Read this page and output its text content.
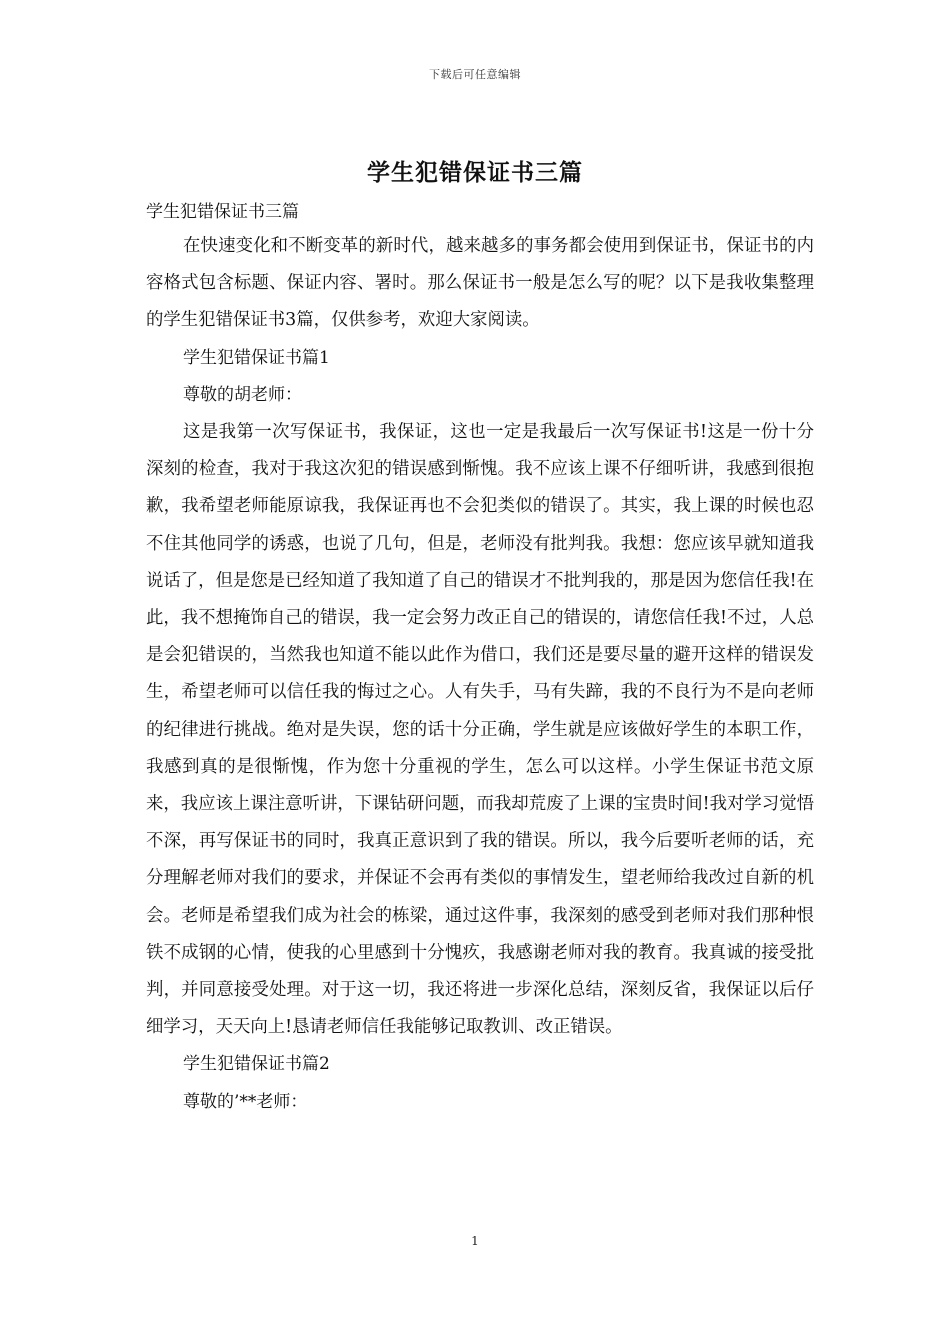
下载后可任意编辑
学生犯错保证书三篇

学生犯错保证书三篇

在快速变化和不断变革的新时代，越来越多的事务都会使用到保证书，保证书的内容格式包含标题、保证内容、署时。那么保证书一般是怎么写的呢？以下是我收集整理的学生犯错保证书3篇，仅供参考，欢迎大家阅读。

学生犯错保证书篇1

尊敬的胡老师：

这是我第一次写保证书，我保证，这也一定是我最后一次写保证书!这是一份十分深刻的检查，我对于我这次犯的错误感到惭愧。我不应该上课不仔细听讲，我感到很抱歉，我希望老师能原谅我，我保证再也不会犯类似的错误了。其实，我上课的时候也忍不住其他同学的诱惑，也说了几句，但是，老师没有批判我。我想：您应该早就知道我说话了，但是您是已经知道了我知道了自己的错误才不批判我的，那是因为您信任我!在此，我不想掩饰自己的错误，我一定会努力改正自己的错误的，请您信任我!不过，人总是会犯错误的，当然我也知道不能以此作为借口，我们还是要尽量的避开这样的错误发生，希望老师可以信任我的悔过之心。人有失手，马有失蹄，我的不良行为不是向老师的纪律进行挑战。绝对是失误，您的话十分正确，学生就是应该做好学生的本职工作，我感到真的是很惭愧，作为您十分重视的学生，怎么可以这样。小学生保证书范文原来，我应该上课注意听讲，下课钻研问题，而我却荒废了上课的宝贵时间!我对学习觉悟不深，再写保证书的同时，我真正意识到了我的错误。所以，我今后要听老师的话，充分理解老师对我们的要求，并保证不会再有类似的事情发生，望老师给我改过自新的机会。老师是希望我们成为社会的栋梁，通过这件事，我深刻的感受到老师对我们那种恨铁不成钢的心情，使我的心里感到十分愧疚，我感谢老师对我的教育。我真诚的接受批判，并同意接受处理。对于这一切，我还将进一步深化总结，深刻反省，我保证以后仔细学习，天天向上!恳请老师信任我能够记取教训、改正错误。

学生犯错保证书篇2

尊敬的’**老师：

1
